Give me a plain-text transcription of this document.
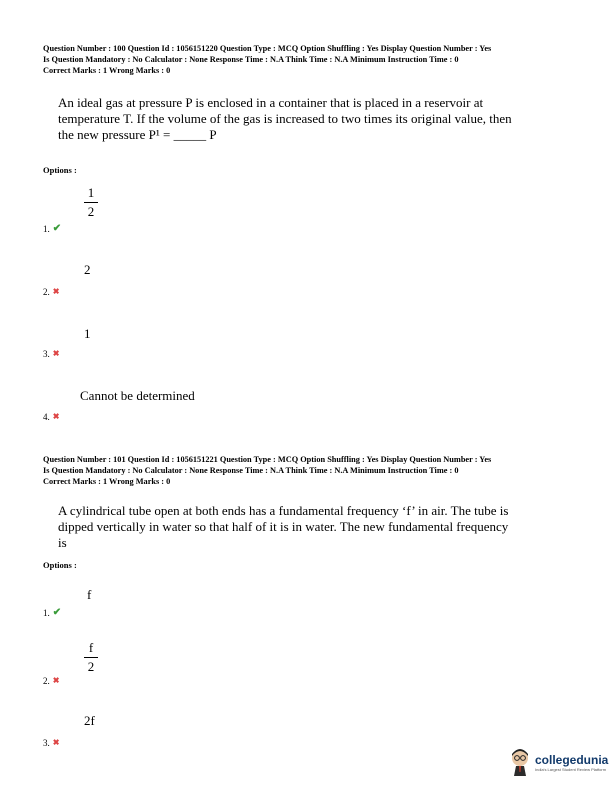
Question Number : 100 Question Id : 1056151220 Question Type : MCQ Option Shuffling : Yes Display Question Number : Yes
Is Question Mandatory : No Calculator : None Response Time : N.A Think Time : N.A Minimum Instruction Time : 0
Correct Marks : 1 Wrong Marks : 0
An ideal gas at pressure P is enclosed in a container that is placed in a reservoir at
temperature T. If the volume of the gas is increased to two times its original value, then
the new pressure P¹ = _____ P
Options :
1
2
1. ✔
2
2. ✖
1
3. ✖
Cannot be determined
4. ✖
Question Number : 101 Question Id : 1056151221 Question Type : MCQ Option Shuffling : Yes Display Question Number : Yes
Is Question Mandatory : No Calculator : None Response Time : N.A Think Time : N.A Minimum Instruction Time : 0
Correct Marks : 1 Wrong Marks : 0
A cylindrical tube open at both ends has a fundamental frequency ‘f’ in air. The tube is
dipped vertically in water so that half of it is in water. The new fundamental frequency
is
Options :
f
1. ✔
f
2
2. ✖
2f
3. ✖
collegedunia
India's Largest Student Review Platform
